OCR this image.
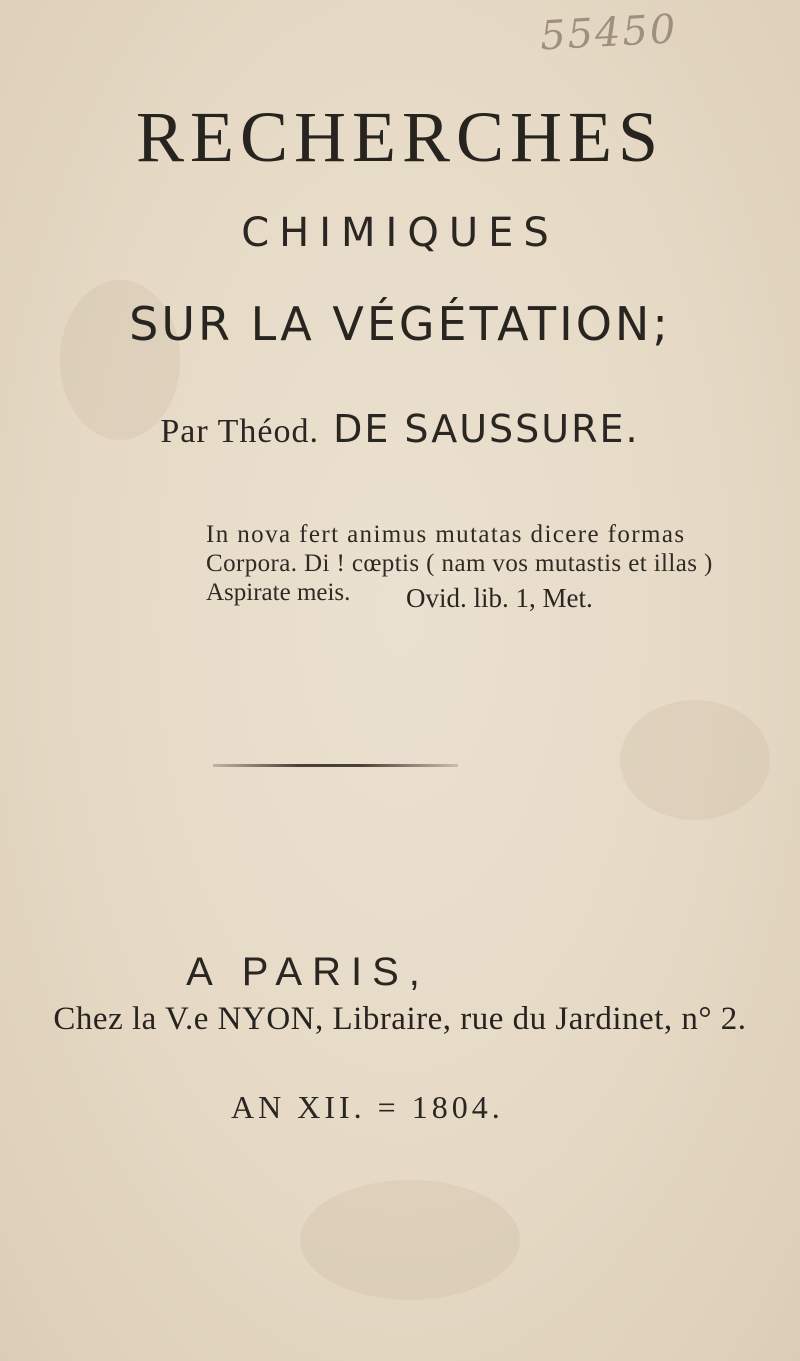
55450
RECHERCHES
CHIMIQUES
SUR LA VÉGÉTATION;
Par Théod. DE SAUSSURE.
In nova fert animus mutatas dicere formas
Corpora. Di ! cœptis ( nam vos mutastis et illas )
Aspirate meis.	Ovid. lib. 1, Met.
A PARIS,
Chez la V.e NYON, Libraire, rue du Jardinet, n° 2.
AN XII. = 1804.
